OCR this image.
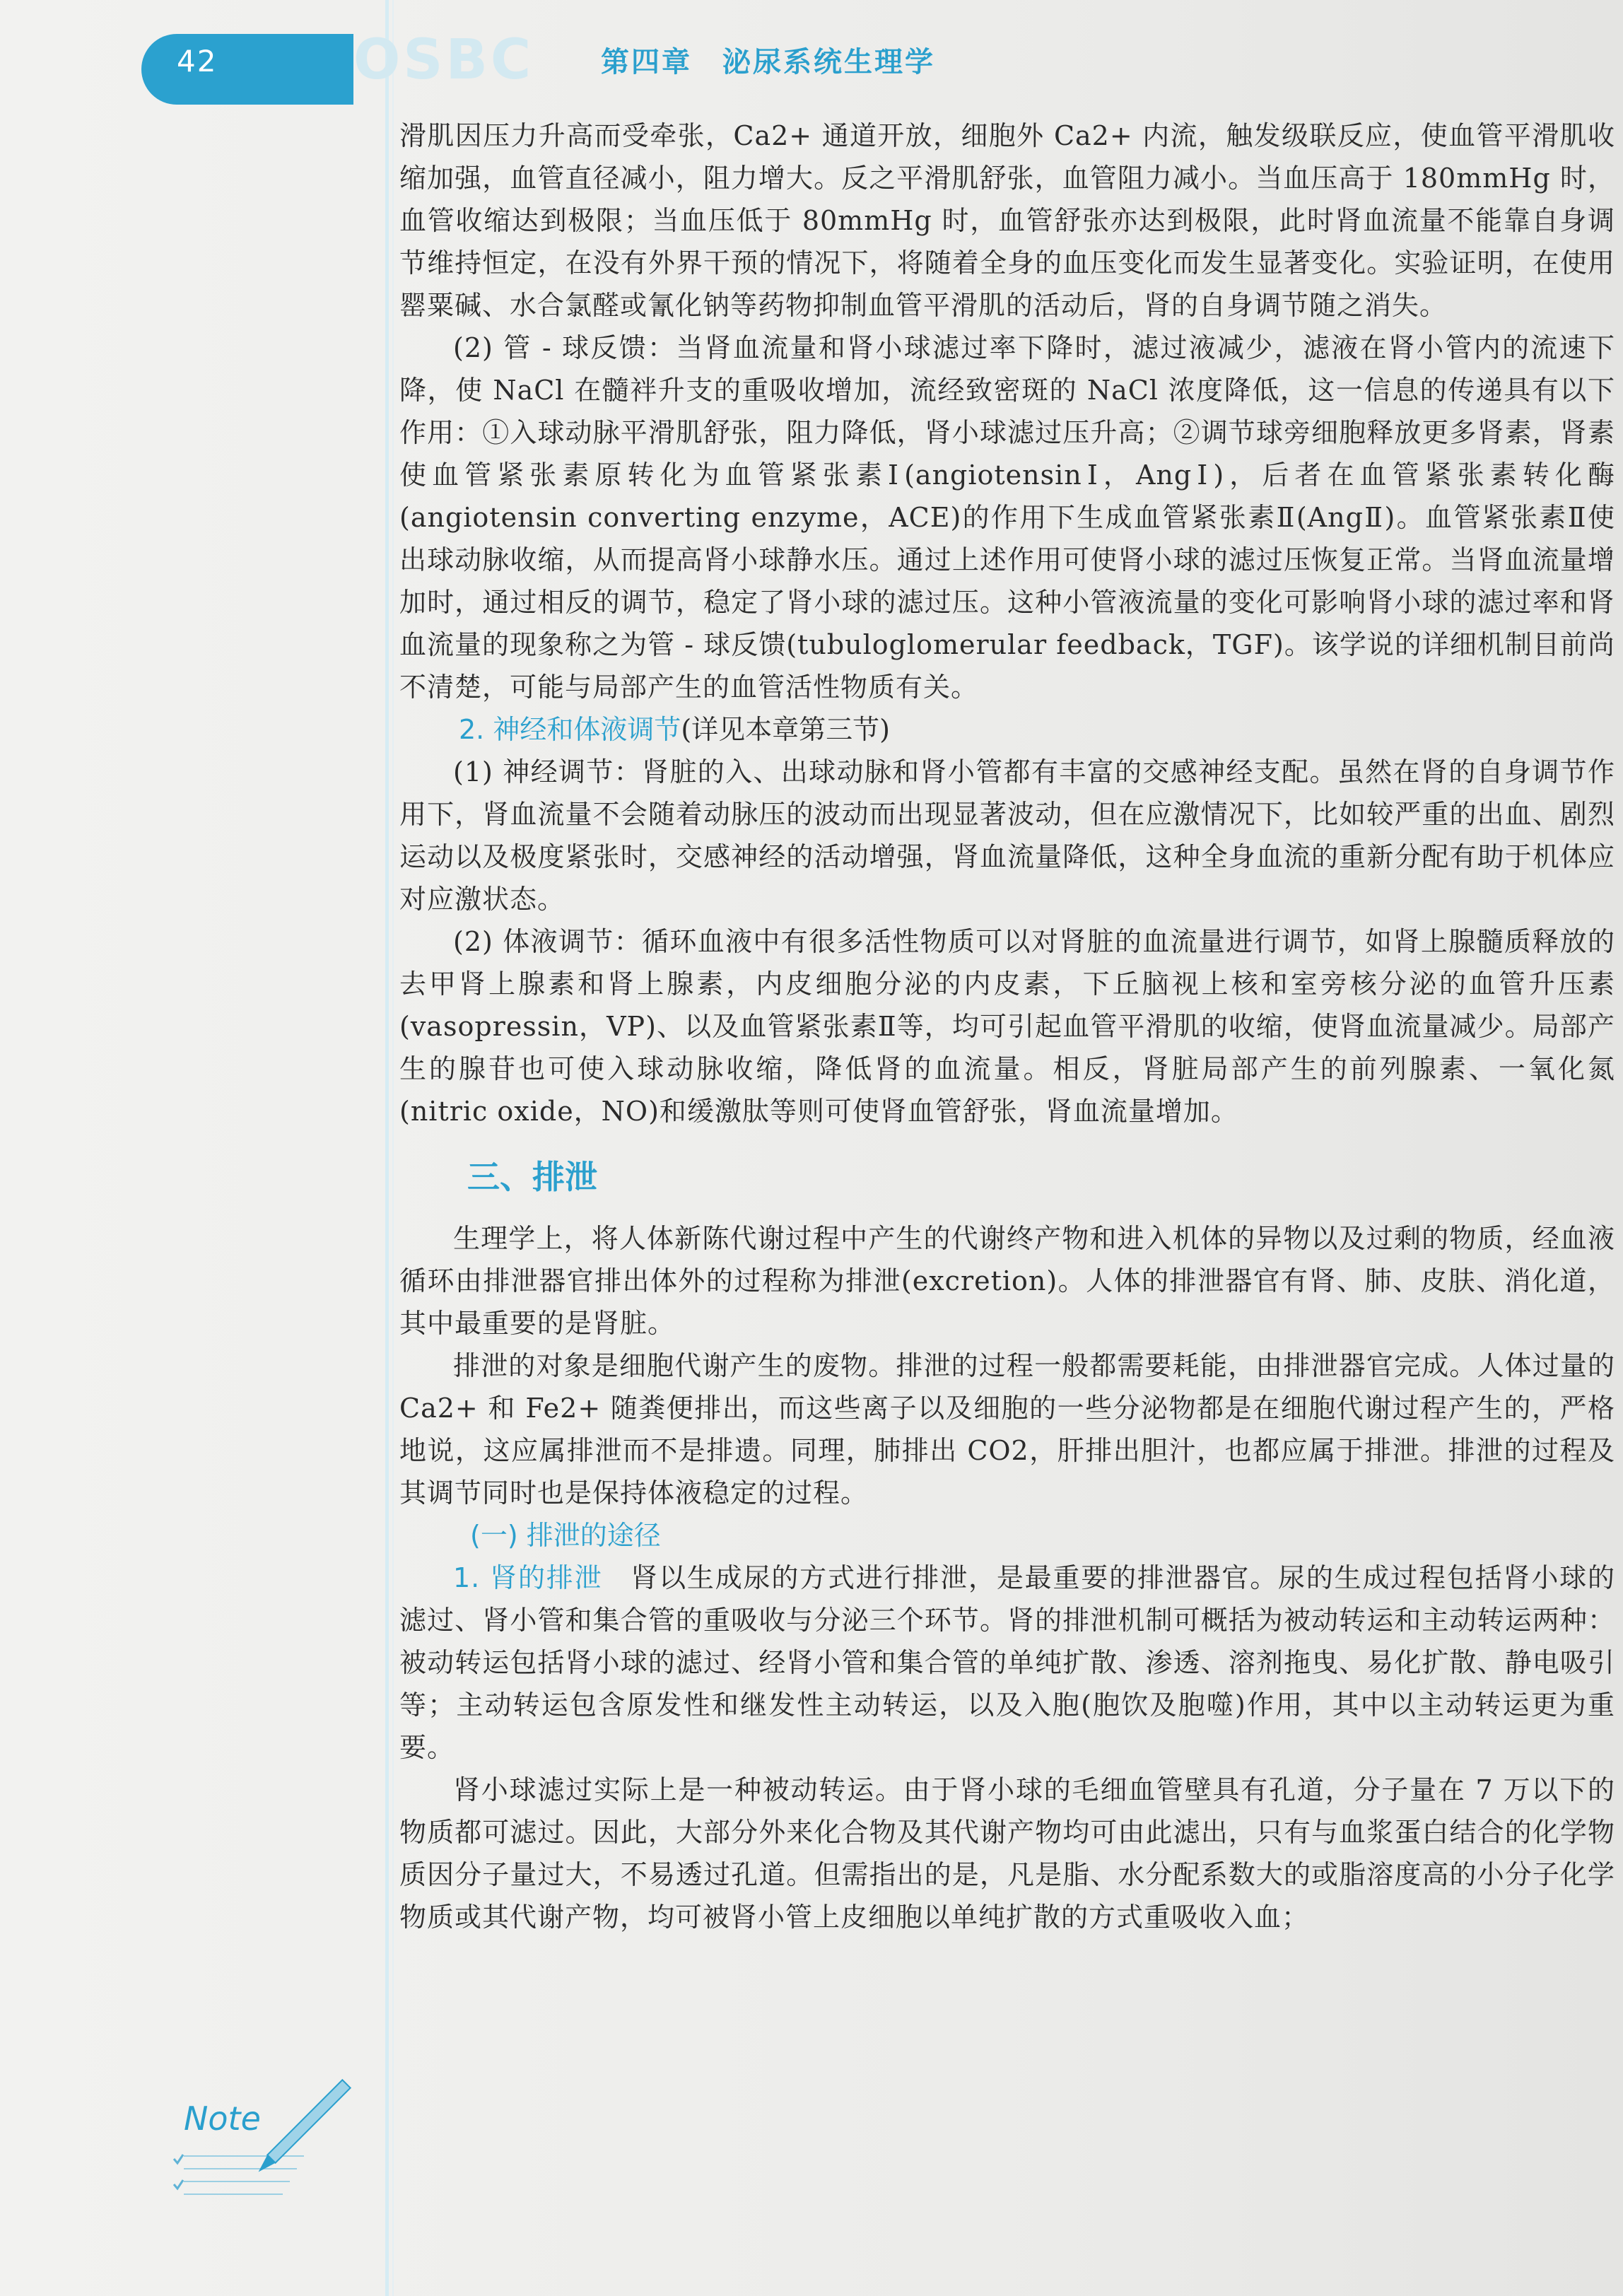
42 OSBC 第四章　泌尿系统生理学

滑肌因压力升高而受牵张，Ca2+ 通道开放，细胞外 Ca2+ 内流，触发级联反应，使血管平滑肌收缩加强，血管直径减小，阻力增大。反之平滑肌舒张，血管阻力减小。当血压高于 180mmHg 时，血管收缩达到极限；当血压低于 80mmHg 时，血管舒张亦达到极限，此时肾血流量不能靠自身调节维持恒定，在没有外界干预的情况下，将随着全身的血压变化而发生显著变化。实验证明，在使用罂粟碱、水合氯醛或氰化钠等药物抑制血管平滑肌的活动后，肾的自身调节随之消失。

(2) 管 - 球反馈：当肾血流量和肾小球滤过率下降时，滤过液减少，滤液在肾小管内的流速下降，使 NaCl 在髓袢升支的重吸收增加，流经致密斑的 NaCl 浓度降低，这一信息的传递具有以下作用：①入球动脉平滑肌舒张，阻力降低，肾小球滤过压升高；②调节球旁细胞释放更多肾素，肾素使血管紧张素原转化为血管紧张素Ⅰ(angiotensinⅠ，AngⅠ)，后者在血管紧张素转化酶(angiotensin converting enzyme，ACE)的作用下生成血管紧张素Ⅱ(AngⅡ)。血管紧张素Ⅱ使出球动脉收缩，从而提高肾小球静水压。通过上述作用可使肾小球的滤过压恢复正常。当肾血流量增加时，通过相反的调节，稳定了肾小球的滤过压。这种小管液流量的变化可影响肾小球的滤过率和肾血流量的现象称之为管 - 球反馈(tubuloglomerular feedback，TGF)。该学说的详细机制目前尚不清楚，可能与局部产生的血管活性物质有关。

2. 神经和体液调节(详见本章第三节)

(1) 神经调节：肾脏的入、出球动脉和肾小管都有丰富的交感神经支配。虽然在肾的自身调节作用下，肾血流量不会随着动脉压的波动而出现显著波动，但在应激情况下，比如较严重的出血、剧烈运动以及极度紧张时，交感神经的活动增强，肾血流量降低，这种全身血流的重新分配有助于机体应对应激状态。

(2) 体液调节：循环血液中有很多活性物质可以对肾脏的血流量进行调节，如肾上腺髓质释放的去甲肾上腺素和肾上腺素，内皮细胞分泌的内皮素，下丘脑视上核和室旁核分泌的血管升压素(vasopressin，VP)、以及血管紧张素Ⅱ等，均可引起血管平滑肌的收缩，使肾血流量减少。局部产生的腺苷也可使入球动脉收缩，降低肾的血流量。相反，肾脏局部产生的前列腺素、一氧化氮(nitric oxide，NO)和缓激肽等则可使肾血管舒张，肾血流量增加。

三、排泄

生理学上，将人体新陈代谢过程中产生的代谢终产物和进入机体的异物以及过剩的物质，经血液循环由排泄器官排出体外的过程称为排泄(excretion)。人体的排泄器官有肾、肺、皮肤、消化道，其中最重要的是肾脏。

排泄的对象是细胞代谢产生的废物。排泄的过程一般都需要耗能，由排泄器官完成。人体过量的 Ca2+ 和 Fe2+ 随粪便排出，而这些离子以及细胞的一些分泌物都是在细胞代谢过程产生的，严格地说，这应属排泄而不是排遗。同理，肺排出 CO2，肝排出胆汁，也都应属于排泄。排泄的过程及其调节同时也是保持体液稳定的过程。

(一) 排泄的途径

1. 肾的排泄　 肾以生成尿的方式进行排泄，是最重要的排泄器官。尿的生成过程包括肾小球的滤过、肾小管和集合管的重吸收与分泌三个环节。肾的排泄机制可概括为被动转运和主动转运两种：被动转运包括肾小球的滤过、经肾小管和集合管的单纯扩散、渗透、溶剂拖曳、易化扩散、静电吸引等；主动转运包含原发性和继发性主动转运，以及入胞(胞饮及胞噬)作用，其中以主动转运更为重要。

肾小球滤过实际上是一种被动转运。由于肾小球的毛细血管壁具有孔道，分子量在 7 万以下的物质都可滤过。因此，大部分外来化合物及其代谢产物均可由此滤出，只有与血浆蛋白结合的化学物质因分子量过大，不易透过孔道。但需指出的是，凡是脂、水分配系数大的或脂溶度高的小分子化学物质或其代谢产物，均可被肾小管上皮细胞以单纯扩散的方式重吸收入血；

Note
